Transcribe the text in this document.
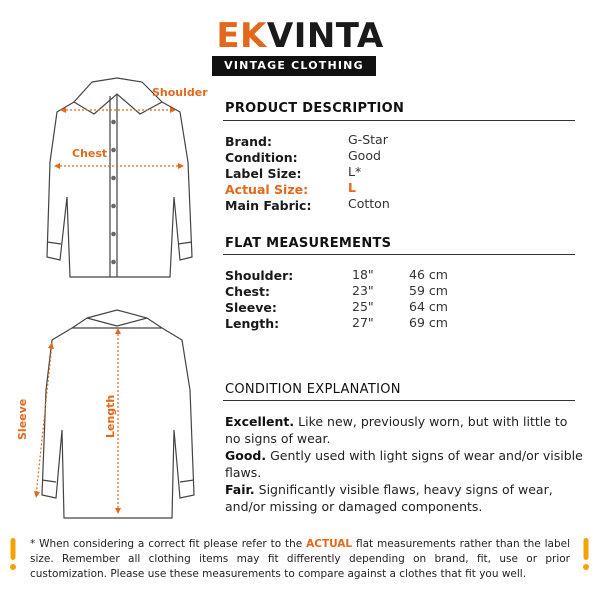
EKVINTA
VINTAGE CLOTHING
Shoulder
Chest
Sleeve	Length
PRODUCT DESCRIPTION
Brand:	G-Star
Condition:	Good
Label Size:	L*
Actual Size:	L
Main Fabric:	Cotton
FLAT MEASUREMENTS
Shoulder:	18"	46 cm
Chest:	23"	59 cm
Sleeve:	25"	64 cm
Length:	27"	69 cm
CONDITION EXPLANATION
Excellent. Like new, previously worn, but with little to no signs of wear.
Good. Gently used with light signs of wear and/or visible flaws.
Fair. Significantly visible flaws, heavy signs of wear, and/or missing or damaged components.
* When considering a correct fit please refer to the ACTUAL flat measurements rather than the label size. Remember all clothing items may fit differently depending on brand, fit, use or prior customization. Please use these measurements to compare against a clothes that fit you well.
